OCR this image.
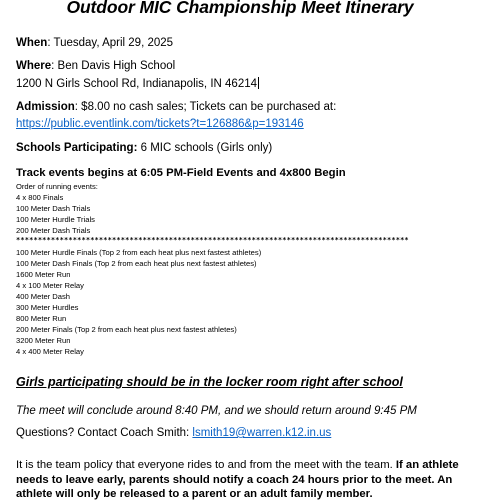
Outdoor MIC Championship Meet Itinerary
When: Tuesday, April 29, 2025
Where: Ben Davis High School
1200 N Girls School Rd, Indianapolis, IN 46214
Admission: $8.00 no cash sales; Tickets can be purchased at:
https://public.eventlink.com/tickets?t=126886&p=193146
Schools Participating: 6 MIC schools (Girls only)
Track events begins at 6:05 PM-Field Events and 4x800 Begin
Order of running events:
4 x 800 Finals
100 Meter Dash Trials
100 Meter Hurdle Trials
200 Meter Dash Trials
******************************************************************************************
100 Meter Hurdle Finals (Top 2 from each heat plus next fastest athletes)
100 Meter Dash Finals (Top 2 from each heat plus next fastest athletes)
1600 Meter Run
4 x 100 Meter Relay
400 Meter Dash
300 Meter Hurdles
800 Meter Run
200 Meter Finals (Top 2 from each heat plus next fastest athletes)
3200 Meter Run
4 x 400 Meter Relay
Girls participating should be in the locker room right after school
The meet will conclude around 8:40 PM, and we should return around 9:45 PM
Questions? Contact Coach Smith: lsmith19@warren.k12.in.us
It is the team policy that everyone rides to and from the meet with the team. If an athlete needs to leave early, parents should notify a coach 24 hours prior to the meet. An athlete will only be released to a parent or an adult family member.
